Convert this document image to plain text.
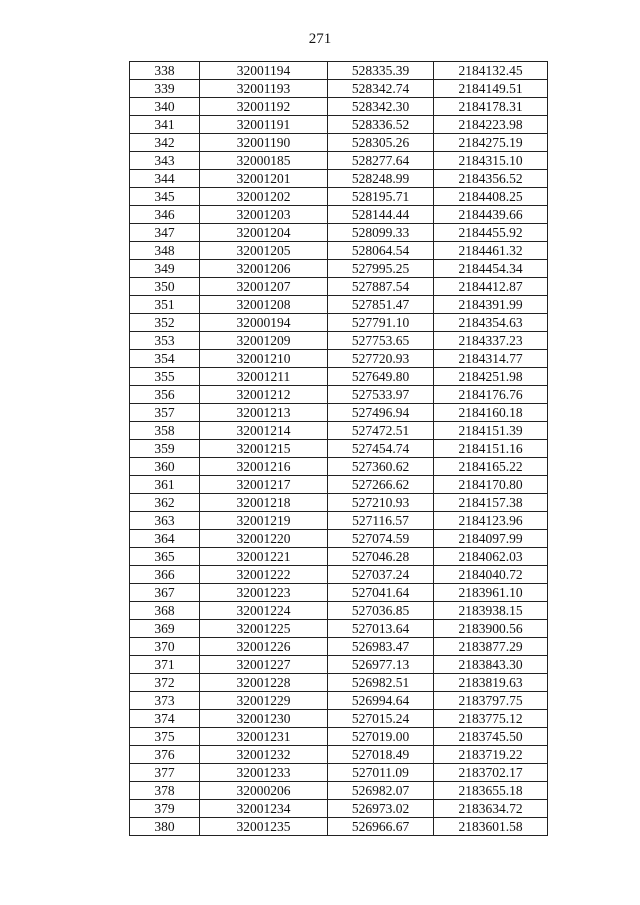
271
338	32001194	528335.39	2184132.45
339	32001193	528342.74	2184149.51
340	32001192	528342.30	2184178.31
341	32001191	528336.52	2184223.98
342	32001190	528305.26	2184275.19
343	32000185	528277.64	2184315.10
344	32001201	528248.99	2184356.52
345	32001202	528195.71	2184408.25
346	32001203	528144.44	2184439.66
347	32001204	528099.33	2184455.92
348	32001205	528064.54	2184461.32
349	32001206	527995.25	2184454.34
350	32001207	527887.54	2184412.87
351	32001208	527851.47	2184391.99
352	32000194	527791.10	2184354.63
353	32001209	527753.65	2184337.23
354	32001210	527720.93	2184314.77
355	32001211	527649.80	2184251.98
356	32001212	527533.97	2184176.76
357	32001213	527496.94	2184160.18
358	32001214	527472.51	2184151.39
359	32001215	527454.74	2184151.16
360	32001216	527360.62	2184165.22
361	32001217	527266.62	2184170.80
362	32001218	527210.93	2184157.38
363	32001219	527116.57	2184123.96
364	32001220	527074.59	2184097.99
365	32001221	527046.28	2184062.03
366	32001222	527037.24	2184040.72
367	32001223	527041.64	2183961.10
368	32001224	527036.85	2183938.15
369	32001225	527013.64	2183900.56
370	32001226	526983.47	2183877.29
371	32001227	526977.13	2183843.30
372	32001228	526982.51	2183819.63
373	32001229	526994.64	2183797.75
374	32001230	527015.24	2183775.12
375	32001231	527019.00	2183745.50
376	32001232	527018.49	2183719.22
377	32001233	527011.09	2183702.17
378	32000206	526982.07	2183655.18
379	32001234	526973.02	2183634.72
380	32001235	526966.67	2183601.58
